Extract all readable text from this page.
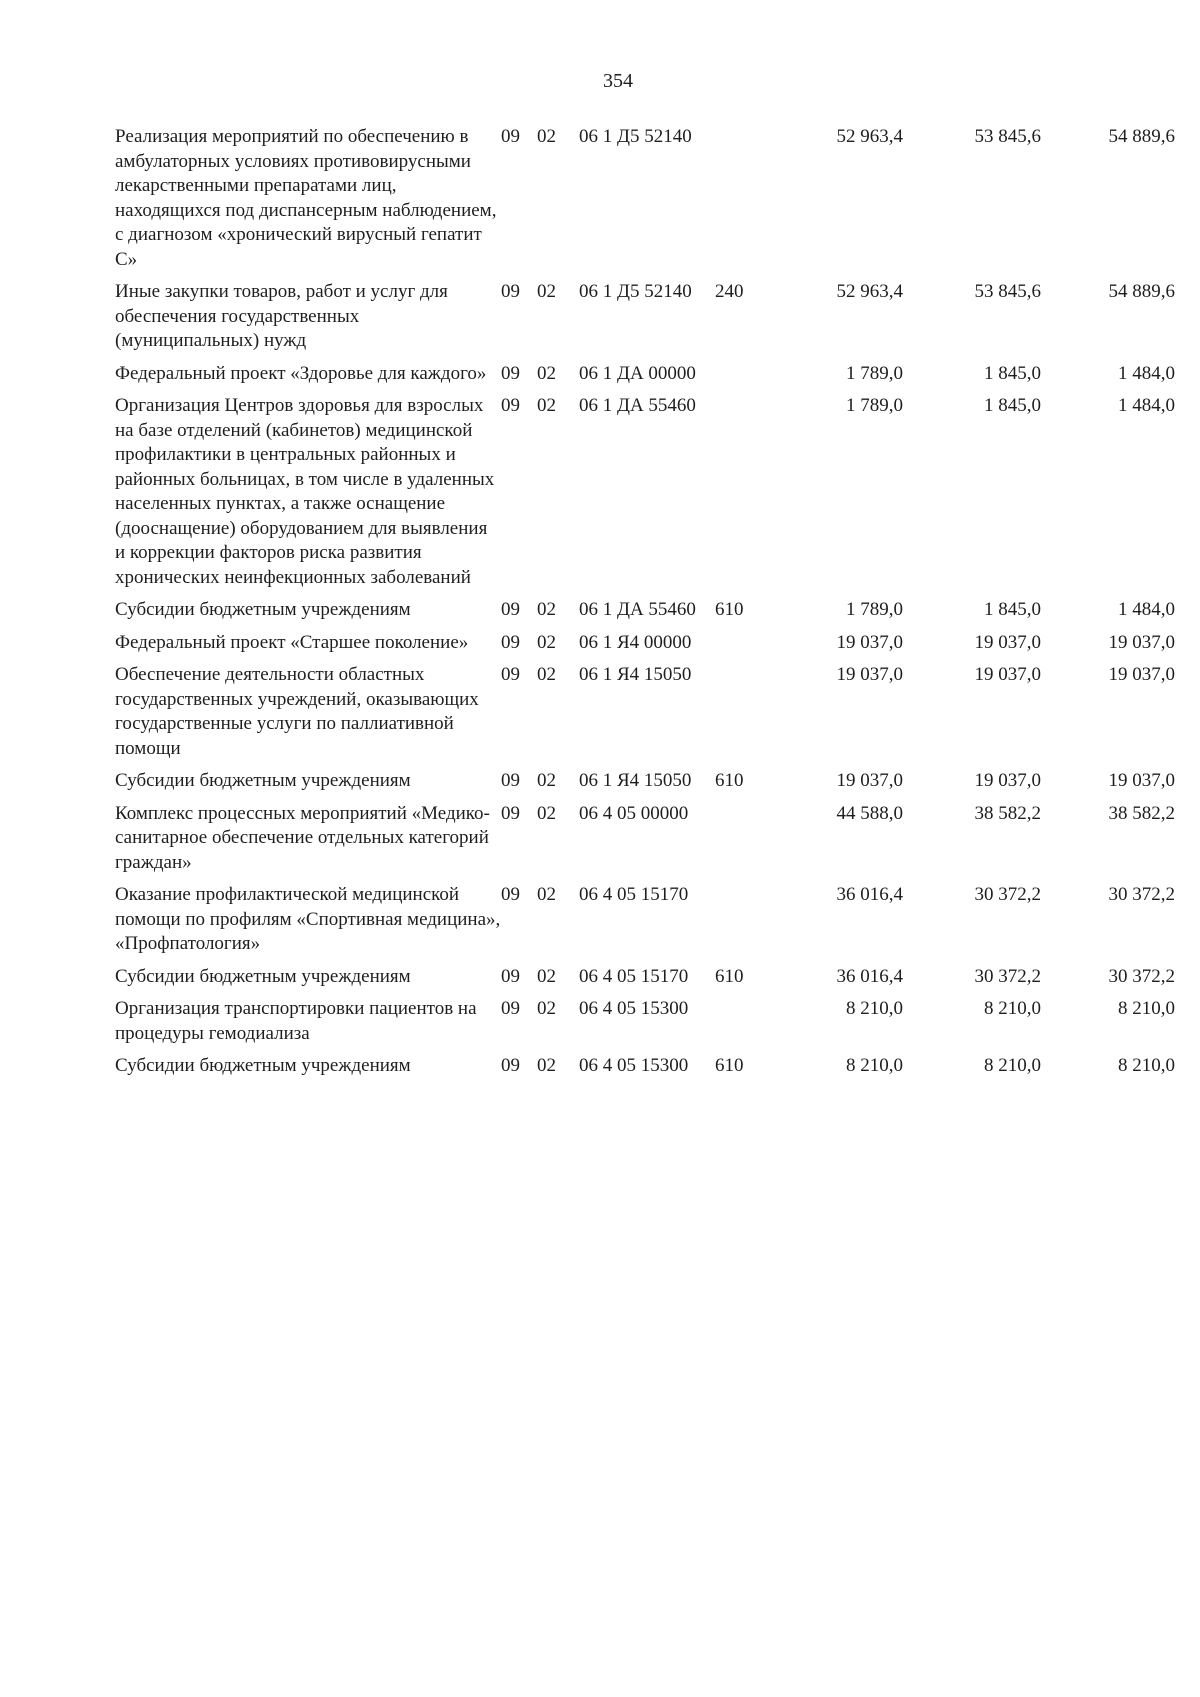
354
Реализация мероприятий по обеспечению в амбулаторных условиях противовирусными лекарственными препаратами лиц, находящихся под диспансерным наблюдением, с диагнозом «хронический вирусный гепатит С»	09	02	06 1 Д5 52140		52 963,4	53 845,6	54 889,6
Иные закупки товаров, работ и услуг для обеспечения государственных (муниципальных) нужд	09	02	06 1 Д5 52140	240	52 963,4	53 845,6	54 889,6
Федеральный проект «Здоровье для каждого»	09	02	06 1 ДА 00000		1 789,0	1 845,0	1 484,0
Организация Центров здоровья для взрослых на базе отделений (кабинетов) медицинской профилактики в центральных районных и районных больницах, в том числе в удаленных населенных пунктах, а также оснащение (дооснащение) оборудованием для выявления и коррекции факторов риска развития хронических неинфекционных заболеваний	09	02	06 1 ДА 55460		1 789,0	1 845,0	1 484,0
Субсидии бюджетным учреждениям	09	02	06 1 ДА 55460	610	1 789,0	1 845,0	1 484,0
Федеральный проект «Старшее поколение»	09	02	06 1 Я4 00000		19 037,0	19 037,0	19 037,0
Обеспечение деятельности областных государственных учреждений, оказывающих государственные услуги по паллиативной помощи	09	02	06 1 Я4 15050		19 037,0	19 037,0	19 037,0
Субсидии бюджетным учреждениям	09	02	06 1 Я4 15050	610	19 037,0	19 037,0	19 037,0
Комплекс процессных мероприятий «Медико-санитарное обеспечение отдельных категорий граждан»	09	02	06 4 05 00000		44 588,0	38 582,2	38 582,2
Оказание профилактической медицинской помощи по профилям «Спортивная медицина», «Профпатология»	09	02	06 4 05 15170		36 016,4	30 372,2	30 372,2
Субсидии бюджетным учреждениям	09	02	06 4 05 15170	610	36 016,4	30 372,2	30 372,2
Организация транспортировки пациентов на процедуры гемодиализа	09	02	06 4 05 15300		8 210,0	8 210,0	8 210,0
Субсидии бюджетным учреждениям	09	02	06 4 05 15300	610	8 210,0	8 210,0	8 210,0
